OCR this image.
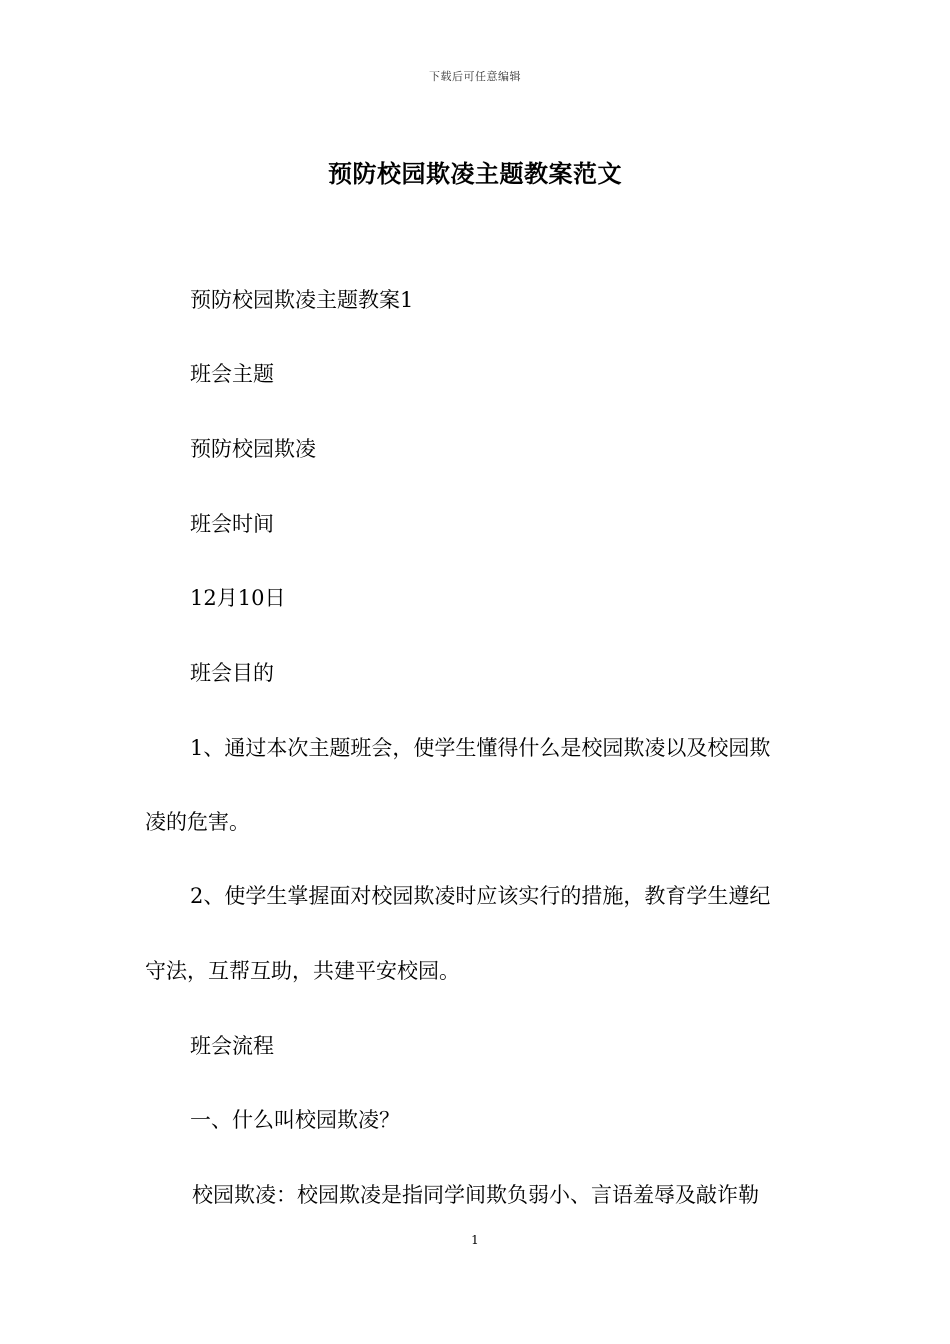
下载后可任意编辑
预防校园欺凌主题教案范文
预防校园欺凌主题教案1
班会主题
预防校园欺凌
班会时间
12月10日
班会目的
1、通过本次主题班会，使学生懂得什么是校园欺凌以及校园欺
凌的危害。
2、使学生掌握面对校园欺凌时应该实行的措施，教育学生遵纪
守法，互帮互助，共建平安校园。
班会流程
一、什么叫校园欺凌？
校园欺凌：校园欺凌是指同学间欺负弱小、言语羞辱及敲诈勒
1
